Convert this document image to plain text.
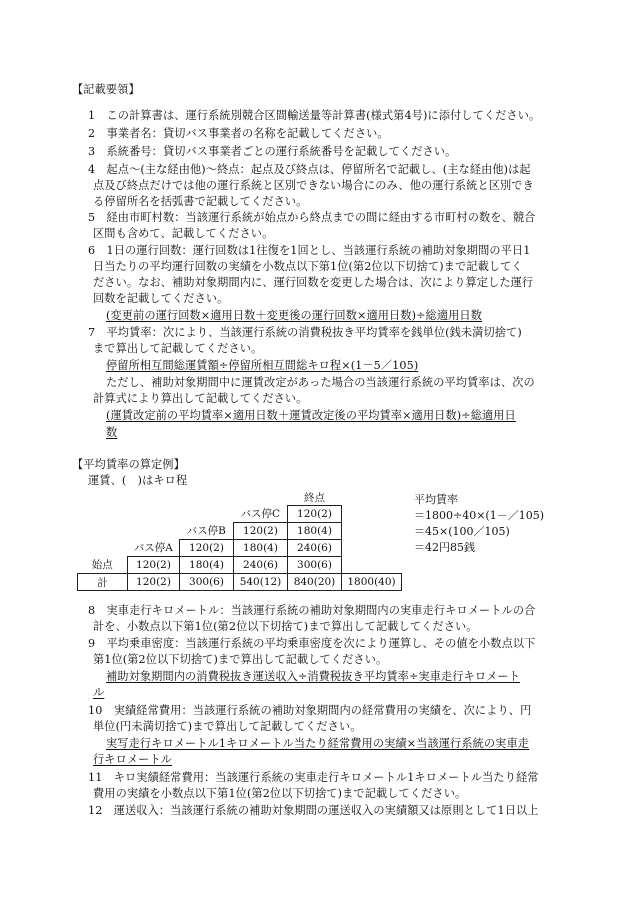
【記載要領】
1　この計算書は、運行系統別競合区間輸送量等計算書(様式第4号)に添付してください。
2　事業者名：貸切バス事業者の名称を記載してください。
3　系統番号：貸切バス事業者ごとの運行系統番号を記載してください。
4　起点～(主な経由他)～終点：起点及び終点は、停留所名で記載し、(主な経由他)は起
点及び終点だけでは他の運行系統と区別できない場合にのみ、他の運行系統と区別でき
る停留所名を括弧書で記載してください。
5　経由市町村数：当該運行系統が始点から終点までの間に経由する市町村の数を、競合
区間も含めて、記載してください。
6　1日の運行回数：運行回数は1往復を1回とし、当該運行系統の補助対象期間の平日1
日当たりの平均運行回数の実績を小数点以下第1位(第2位以下切捨て)まで記載してく
ださい。なお、補助対象期間内に、運行回数を変更した場合は、次により算定した運行
回数を記載してください。
(変更前の運行回数×適用日数＋変更後の運行回数×適用日数)÷総適用日数
7　平均賃率：次により、当該運行系統の消費税抜き平均賃率を銭単位(銭未満切捨て)
まで算出して記載してください。
停留所相互間総運賃額÷停留所相互間総キロ程×(1－5／105)
ただし、補助対象期間中に運賃改定があった場合の当該運行系統の平均賃率は、次の
計算式により算出して記載してください。
(運賃改定前の平均賃率×適用日数＋運賃改定後の平均賃率×適用日数)÷総適用日
数
【平均賃率の算定例】
運賃、(　)はキロ程
				終点	
			バス停C	120(2)	
		バス停B	120(2)	180(4)	
	バス停A	120(2)	180(4)	240(6)	
始点	120(2)	180(4)	240(6)	300(6)	
計	120(2)	300(6)	540(12)	840(20)	1800(40)
平均賃率
＝1800÷40×(1－／105)
＝45×(100／105)
＝42円85銭
8　実車走行キロメートル：当該運行系統の補助対象期間内の実車走行キロメートルの合
計を、小数点以下第1位(第2位以下切捨て)まで算出して記載してください。
9　平均乗車密度：当該運行系統の平均乗車密度を次により運算し、その値を小数点以下
第1位(第2位以下切捨て)まで算出して記載してください。
補助対象期間内の消費税抜き運送収入÷消費税抜き平均賃率÷実車走行キロメート
ル
10　実績経常費用：当該運行系統の補助対象期間内の経常費用の実績を、次により、円
単位(円未満切捨て)まで算出して記載してください。
実写走行キロメートル1キロメートル当たり経常費用の実績×当該運行系統の実車走
行キロメートル
11　キロ実績経常費用：当該運行系統の実車走行キロメートル1キロメートル当たり経常
費用の実績を小数点以下第1位(第2位以下切捨て)まで記載してください。
12　運送収入：当該運行系統の補助対象期間の運送収入の実績額又は原則として1日以上
